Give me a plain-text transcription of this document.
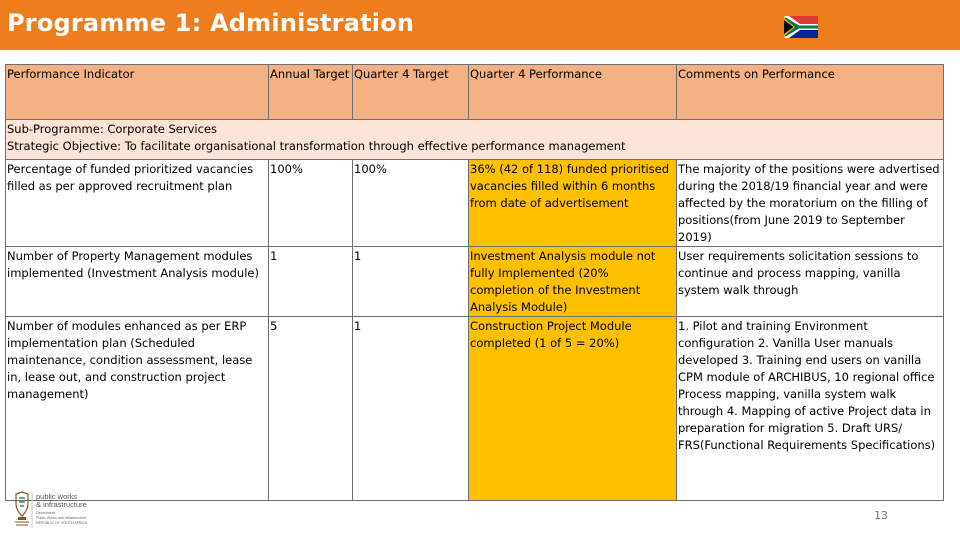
Programme 1: Administration
Performance Indicator	Annual Target	Quarter 4 Target	Quarter 4 Performance	Comments on Performance

Sub-Programme: Corporate Services
Strategic Objective: To facilitate organisational transformation through effective performance management				

Percentage of funded prioritized vacancies filled as per approved recruitment plan	100%	100%	36% (42 of 118) funded prioritised vacancies filled within 6 months from date of advertisement	The majority of the positions were advertised during the 2018/19 financial year and were affected by the moratorium on the filling of positions(from June 2019 to September 2019)
Number of Property Management modules implemented (Investment Analysis module)	1	1	Investment Analysis module not fully Implemented (20% completion of the Investment Analysis Module)	User requirements solicitation sessions to continue and process mapping, vanilla system walk through
Number of modules enhanced as per ERP implementation plan (Scheduled maintenance, condition assessment, lease in, lease out, and construction project management)	5	1	Construction Project Module completed (1 of 5 = 20%)	1. Pilot and training Environment configuration 2. Vanilla User manuals developed 3. Training end users on vanilla CPM module of ARCHIBUS, 10 regional office Process mapping, vanilla system walk through 4. Mapping of active Project data in preparation for migration 5. Draft URS/ FRS(Functional Requirements Specifications)
public works
& infrastructure
Department:
Public Works and Infrastructure
REPUBLIC OF SOUTH AFRICA
13
